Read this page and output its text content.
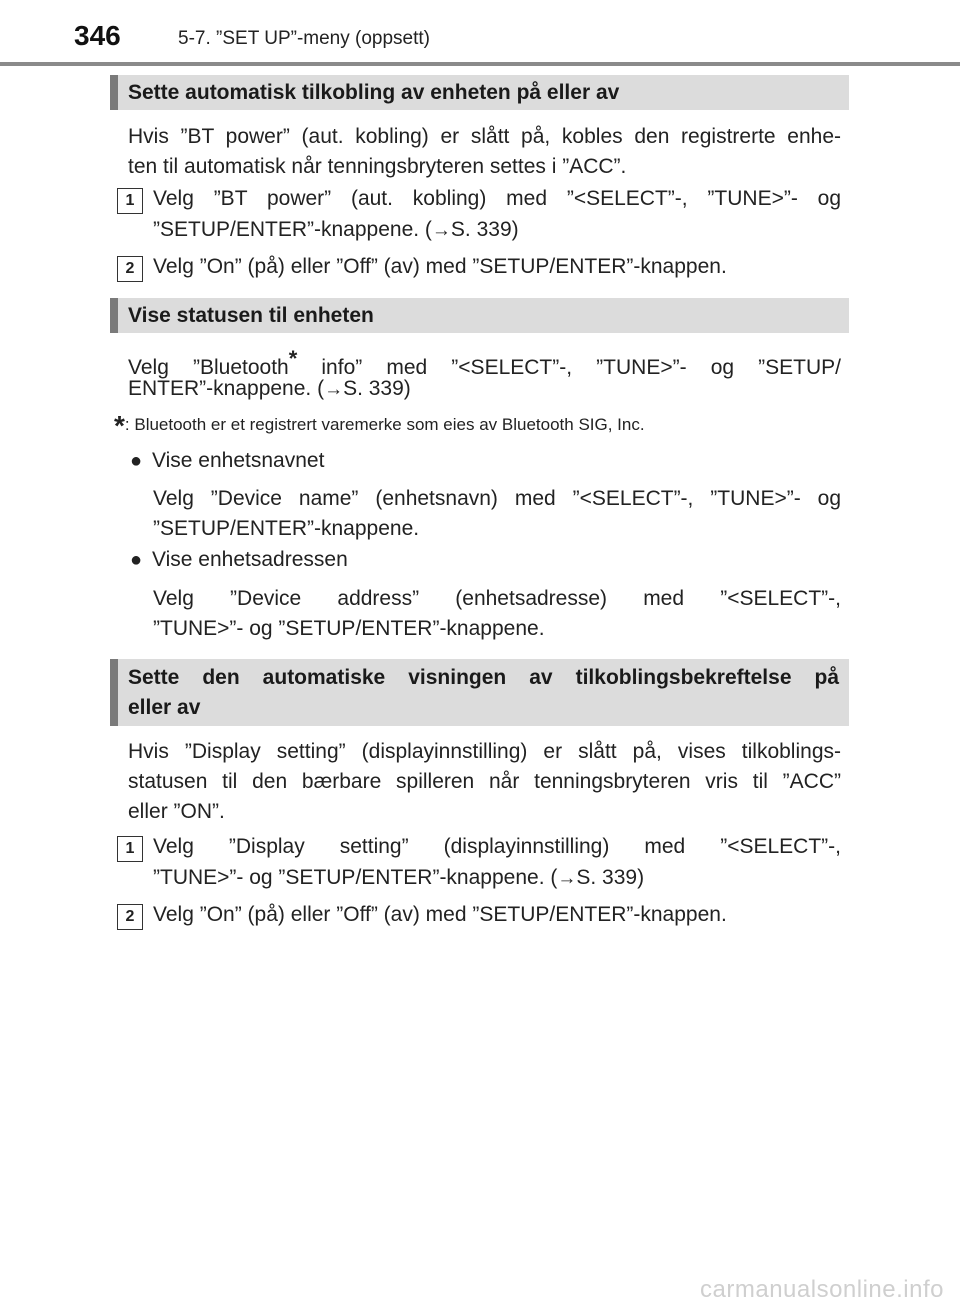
346	5-7. ”SET UP”-meny (oppsett)
Sette automatisk tilkobling av enheten på eller av
Hvis ”BT power” (aut. kobling) er slått på, kobles den registrerte enhe-
ten til automatisk når tenningsbryteren settes i ”ACC”.
1 Velg ”BT power” (aut. kobling) med ”<SELECT”-, ”TUNE>”- og
”SETUP/ENTER”-knappene. (→S. 339)
2 Velg ”On” (på) eller ”Off” (av) med ”SETUP/ENTER”-knappen.
Vise statusen til enheten
Velg ”Bluetooth* info” med ”<SELECT”-, ”TUNE>”- og ”SETUP/
ENTER”-knappene. (→S. 339)
*: Bluetooth er et registrert varemerke som eies av Bluetooth SIG, Inc.
● Vise enhetsnavnet
Velg ”Device name” (enhetsnavn) med ”<SELECT”-, ”TUNE>”- og
”SETUP/ENTER”-knappene.
● Vise enhetsadressen
Velg ”Device address” (enhetsadresse) med ”<SELECT”-,
”TUNE>”- og ”SETUP/ENTER”-knappene.
Sette den automatiske visningen av tilkoblingsbekreftelse på
eller av
Hvis ”Display setting” (displayinnstilling) er slått på, vises tilkoblings-
statusen til den bærbare spilleren når tenningsbryteren vris til ”ACC”
eller ”ON”.
1 Velg ”Display setting” (displayinnstilling) med ”<SELECT”-,
”TUNE>”- og ”SETUP/ENTER”-knappene. (→S. 339)
2 Velg ”On” (på) eller ”Off” (av) med ”SETUP/ENTER”-knappen.
carmanualsonline.info
